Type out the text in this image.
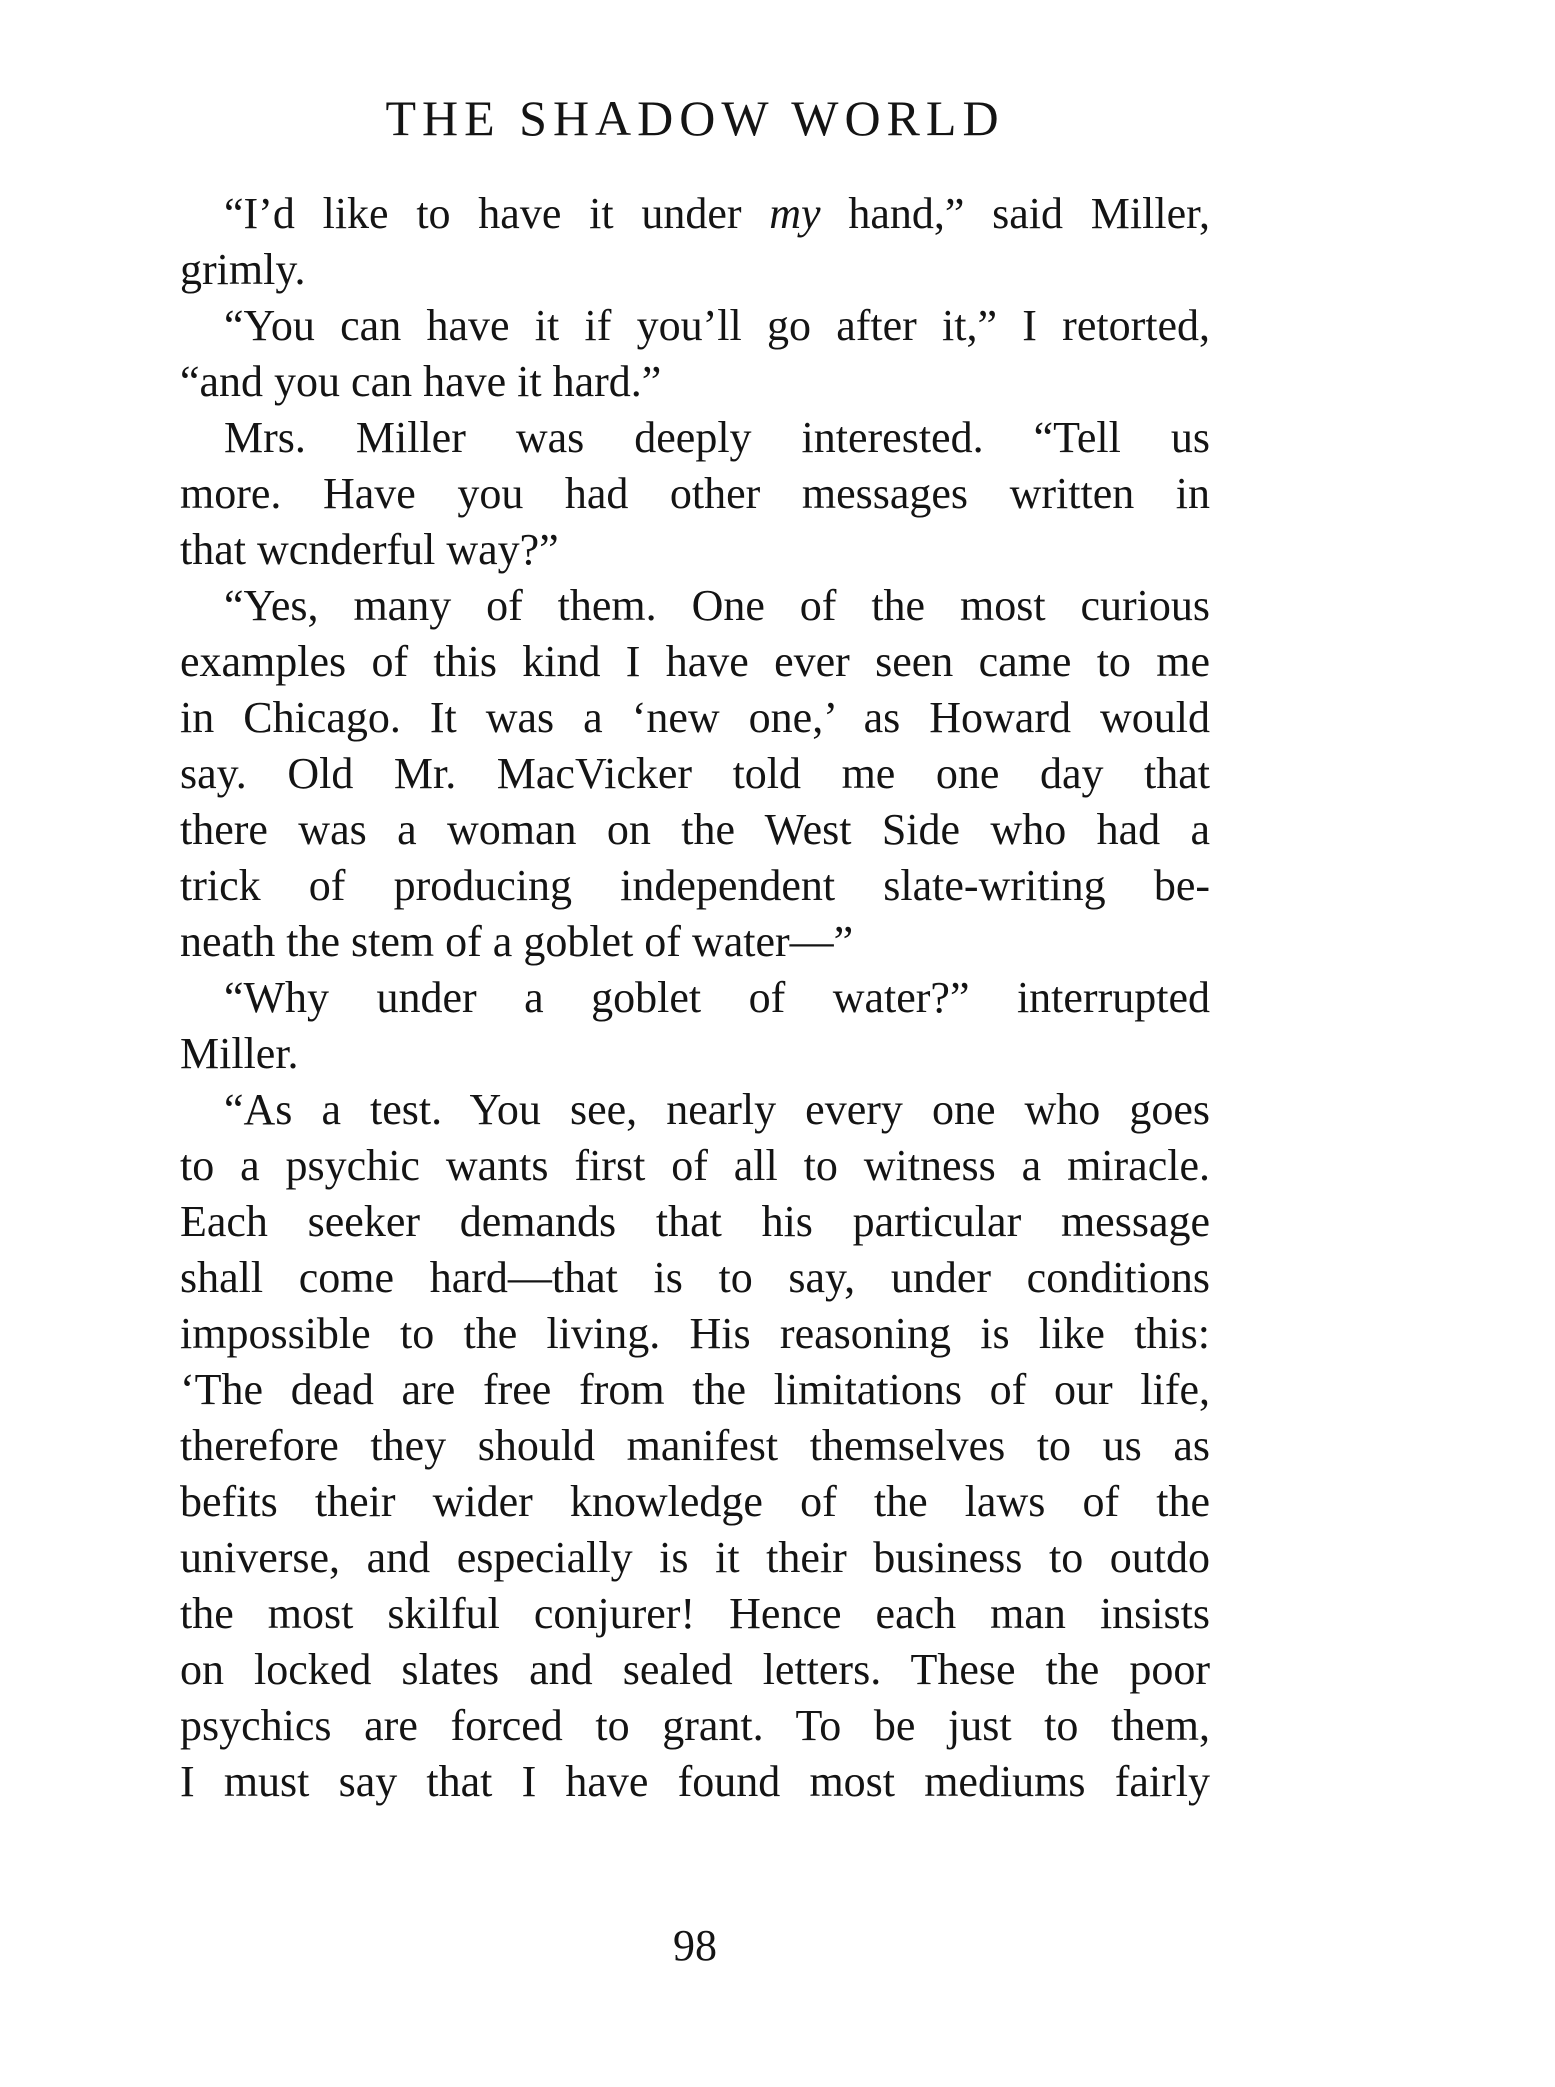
THE SHADOW WORLD
“I’d like to have it under my hand,” said Miller,
grimly.
“You can have it if you’ll go after it,” I retorted,
“and you can have it hard.”
Mrs. Miller was deeply interested. “Tell us
more. Have you had other messages written in
that wcnderful way?”
“Yes, many of them. One of the most curious
examples of this kind I have ever seen came to me
in Chicago. It was a ‘new one,’ as Howard would
say. Old Mr. MacVicker told me one day that
there was a woman on the West Side who had a
trick of producing independent slate-writing be-
neath the stem of a goblet of water—”
“Why under a goblet of water?” interrupted
Miller.
“As a test. You see, nearly every one who goes
to a psychic wants first of all to witness a miracle.
Each seeker demands that his particular message
shall come hard—that is to say, under conditions
impossible to the living. His reasoning is like this:
‘The dead are free from the limitations of our life,
therefore they should manifest themselves to us as
befits their wider knowledge of the laws of the
universe, and especially is it their business to outdo
the most skilful conjurer! Hence each man insists
on locked slates and sealed letters. These the poor
psychics are forced to grant. To be just to them,
I must say that I have found most mediums fairly
98
